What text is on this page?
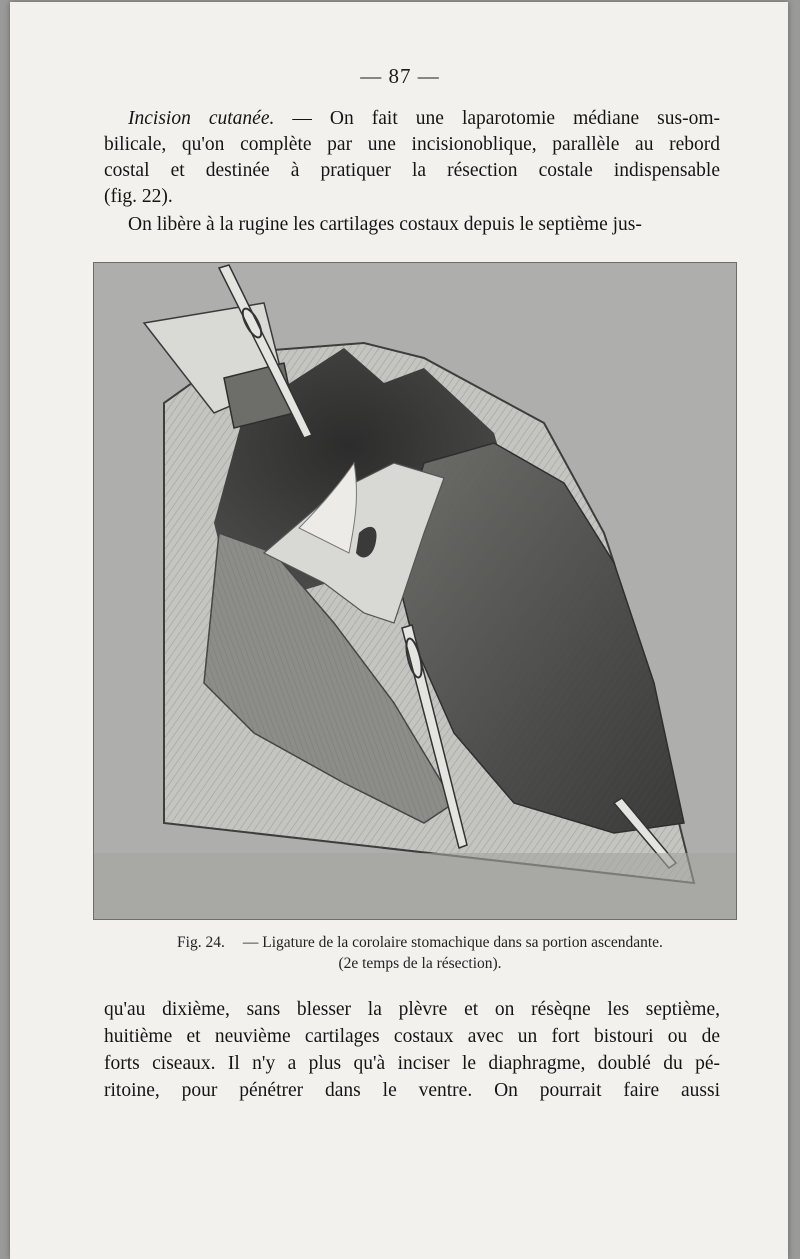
— 87 —
Incision cutanée. — On fait une laparotomie médiane sus-om-
bilicale, qu'on complète par une incisionoblique, parallèle au rebord
costal et destinée à pratiquer la résection costale indispensable
(fig. 22).
On libère à la rugine les cartilages costaux depuis le septième jus-
Fig. 24. — Ligature de la corolaire stomachique dans sa portion ascendante.
(2e temps de la résection).
qu'au dixième, sans blesser la plèvre et on résèqne les septième,
huitième et neuvième cartilages costaux avec un fort bistouri ou de
forts ciseaux. Il n'y a plus qu'à inciser le diaphragme, doublé du pé-
ritoine, pour pénétrer dans le ventre. On pourrait faire aussi
